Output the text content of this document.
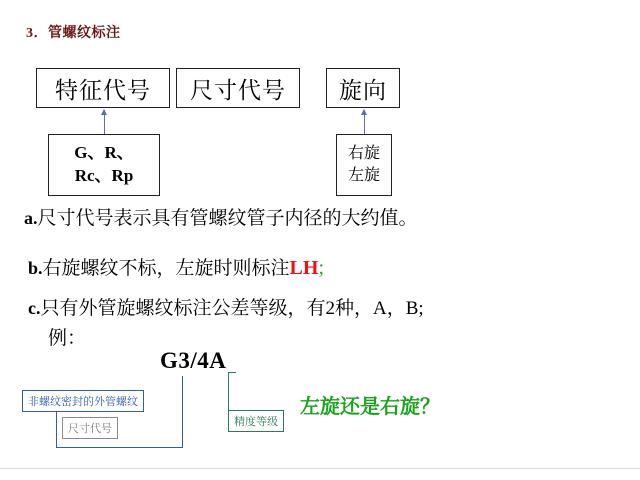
3．管螺纹标注
特征代号 尺寸代号 旋向
G、R、
Rc、Rp
右旋
左旋
a.尺寸代号表示具有管螺纹管子内径的大约值。
b.右旋螺纹不标，左旋时则标注LH;
c.只有外管旋螺纹标注公差等级，有2种，A，B;
例：
G3/4A
非螺纹密封的外管螺纹
尺寸代号
精度等级
左旋还是右旋？
